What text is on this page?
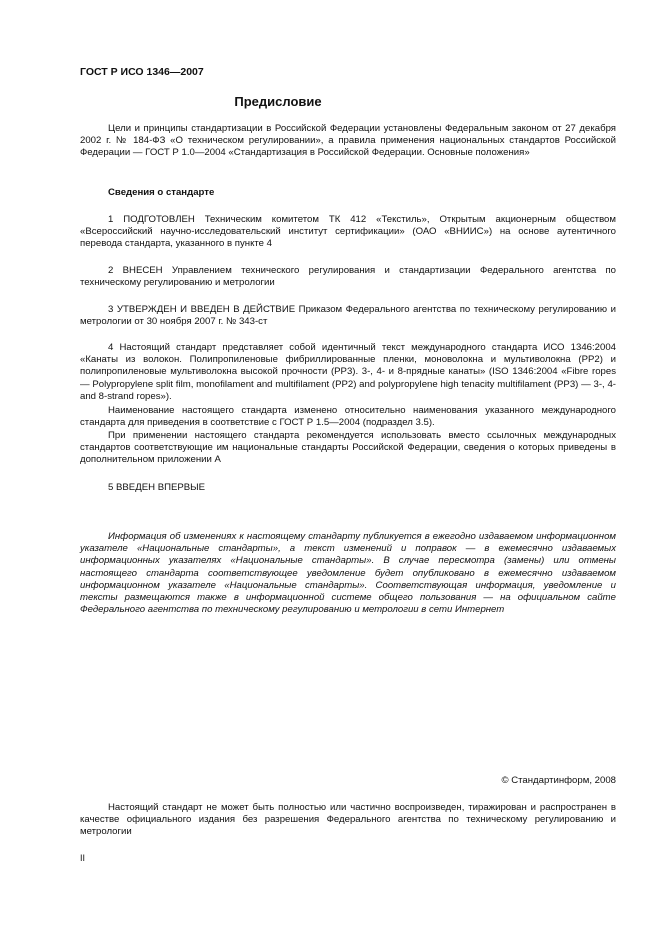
ГОСТ Р ИСО 1346—2007
Предисловие

Цели и принципы стандартизации в Российской Федерации установлены Федеральным законом от 27 декабря 2002 г. № 184-ФЗ «О техническом регулировании», а правила применения национальных стандартов Российской Федерации — ГОСТ Р 1.0—2004 «Стандартизация в Российской Федерации. Основные положения»

Сведения о стандарте

1 ПОДГОТОВЛЕН Техническим комитетом ТК 412 «Текстиль», Открытым акционерным обществом «Всероссийский научно-исследовательский институт сертификации» (ОАО «ВНИИС») на основе аутентичного перевода стандарта, указанного в пункте 4

2 ВНЕСЕН Управлением технического регулирования и стандартизации Федерального агентства по техническому регулированию и метрологии

3 УТВЕРЖДЕН И ВВЕДЕН В ДЕЙСТВИЕ Приказом Федерального агентства по техническому регулированию и метрологии от 30 ноября 2007 г. № 343-ст

4 Настоящий стандарт представляет собой идентичный текст международного стандарта ИСО 1346:2004 «Канаты из волокон. Полипропиленовые фибриллированные пленки, моноволокна и мультиволокна (PP2) и полипропиленовые мультиволокна высокой прочности (PP3). 3-, 4- и 8-прядные канаты» (ISO 1346:2004 «Fibre ropes — Polypropylene split film, monofilament and multifilament (PP2) and polypropylene high tenacity multifilament (PP3) — 3-, 4- and 8-strand ropes»).

Наименование настоящего стандарта изменено относительно наименования указанного международного стандарта для приведения в соответствие с ГОСТ Р 1.5—2004 (подраздел 3.5).

При применении настоящего стандарта рекомендуется использовать вместо ссылочных международных стандартов соответствующие им национальные стандарты Российской Федерации, сведения о которых приведены в дополнительном приложении А

5 ВВЕДЕН ВПЕРВЫЕ

Информация об изменениях к настоящему стандарту публикуется в ежегодно издаваемом информационном указателе «Национальные стандарты», а текст изменений и поправок — в ежемесячно издаваемых информационных указателях «Национальные стандарты». В случае пересмотра (замены) или отмены настоящего стандарта соответствующее уведомление будет опубликовано в ежемесячно издаваемом информационном указателе «Национальные стандарты». Соответствующая информация, уведомление и тексты размещаются также в информационной системе общего пользования — на официальном сайте Федерального агентства по техническому регулированию и метрологии в сети Интернет

© Стандартинформ, 2008

Настоящий стандарт не может быть полностью или частично воспроизведен, тиражирован и распространен в качестве официального издания без разрешения Федерального агентства по техническому регулированию и метрологии

II
